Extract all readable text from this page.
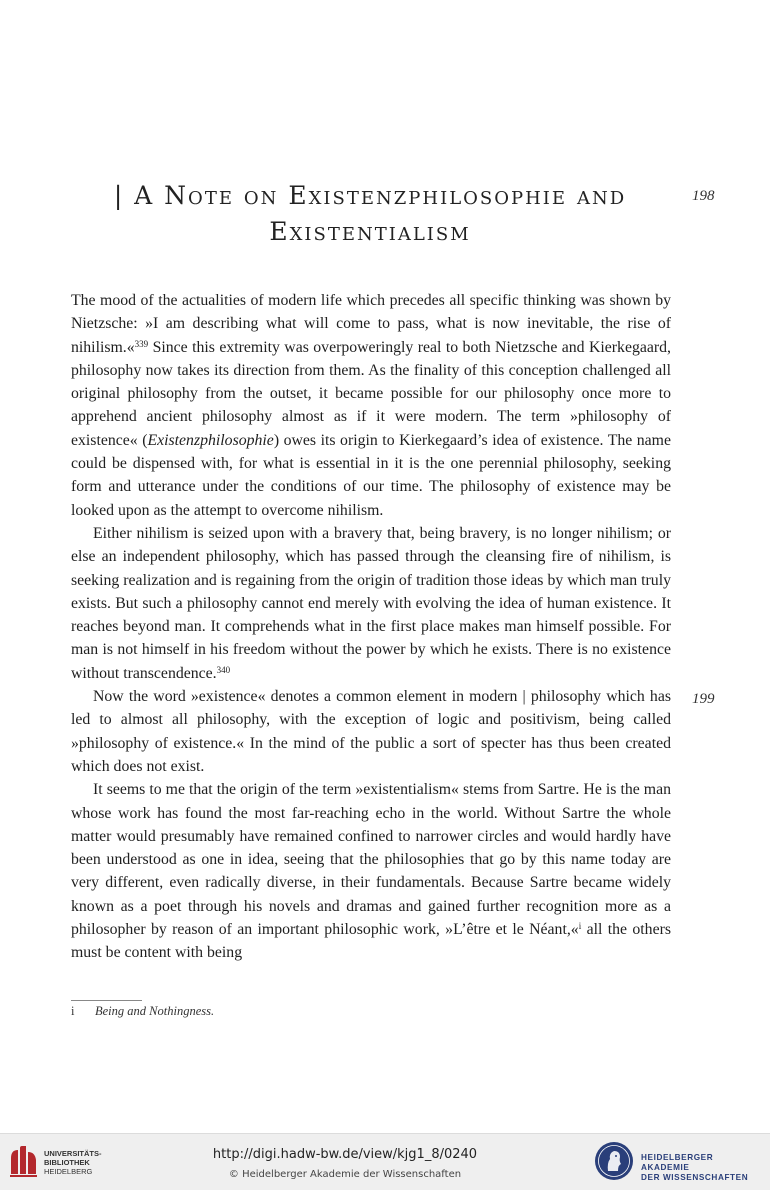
| A Note on Existenzphilosophie and
Existentialism
198
199

The mood of the actualities of modern life which precedes all specific thinking was shown by Nietzsche: »I am describing what will come to pass, what is now inevitable, the rise of nihilism.«$^{339}$ Since this extremity was overpoweringly real to both Nietzsche and Kierkegaard, philosophy now takes its direction from them. As the finality of this conception challenged all original philosophy from the outset, it became possible for our philosophy once more to apprehend ancient philosophy almost as if it were modern. The term »philosophy of existence« (Existenzphilosophie) owes its origin to Kierkegaard’s idea of existence. The name could be dispensed with, for what is essential in it is the one perennial philosophy, seeking form and utterance under the conditions of our time. The philosophy of existence may be looked upon as the attempt to overcome nihilism.

Either nihilism is seized upon with a bravery that, being bravery, is no longer nihilism; or else an independent philosophy, which has passed through the cleansing fire of nihilism, is seeking realization and is regaining from the origin of tradition those ideas by which man truly exists. But such a philosophy cannot end merely with evolving the idea of human existence. It reaches beyond man. It comprehends what in the first place makes man himself possible. For man is not himself in his freedom without the power by which he exists. There is no existence without transcendence.$^{340}$

Now the word »existence« denotes a common element in modern | philosophy which has led to almost all philosophy, with the exception of logic and positivism, being called »philosophy of existence.« In the mind of the public a sort of specter has thus been created which does not exist.

It seems to me that the origin of the term »existentialism« stems from Sartre. He is the man whose work has found the most far-reaching echo in the world. Without Sartre the whole matter would presumably have remained confined to narrower circles and would hardly have been understood as one in idea, seeing that the philosophies that go by this name today are very different, even radically diverse, in their fundamentals. Because Sartre became widely known as a poet through his novels and dramas and gained further recognition more as a philosopher by reason of an important philosophic work, »L’être et le Néant,«$^i$ all the others must be content with being

i Being and Nothingness.
UNIVERSITÄTS-
BIBLIOTHEK
HEIDELBERG
http://digi.hadw-bw.de/view/kjg1_8/0240
© Heidelberger Akademie der Wissenschaften
HEIDELBERGER AKADEMIE
DER WISSENSCHAFTEN
